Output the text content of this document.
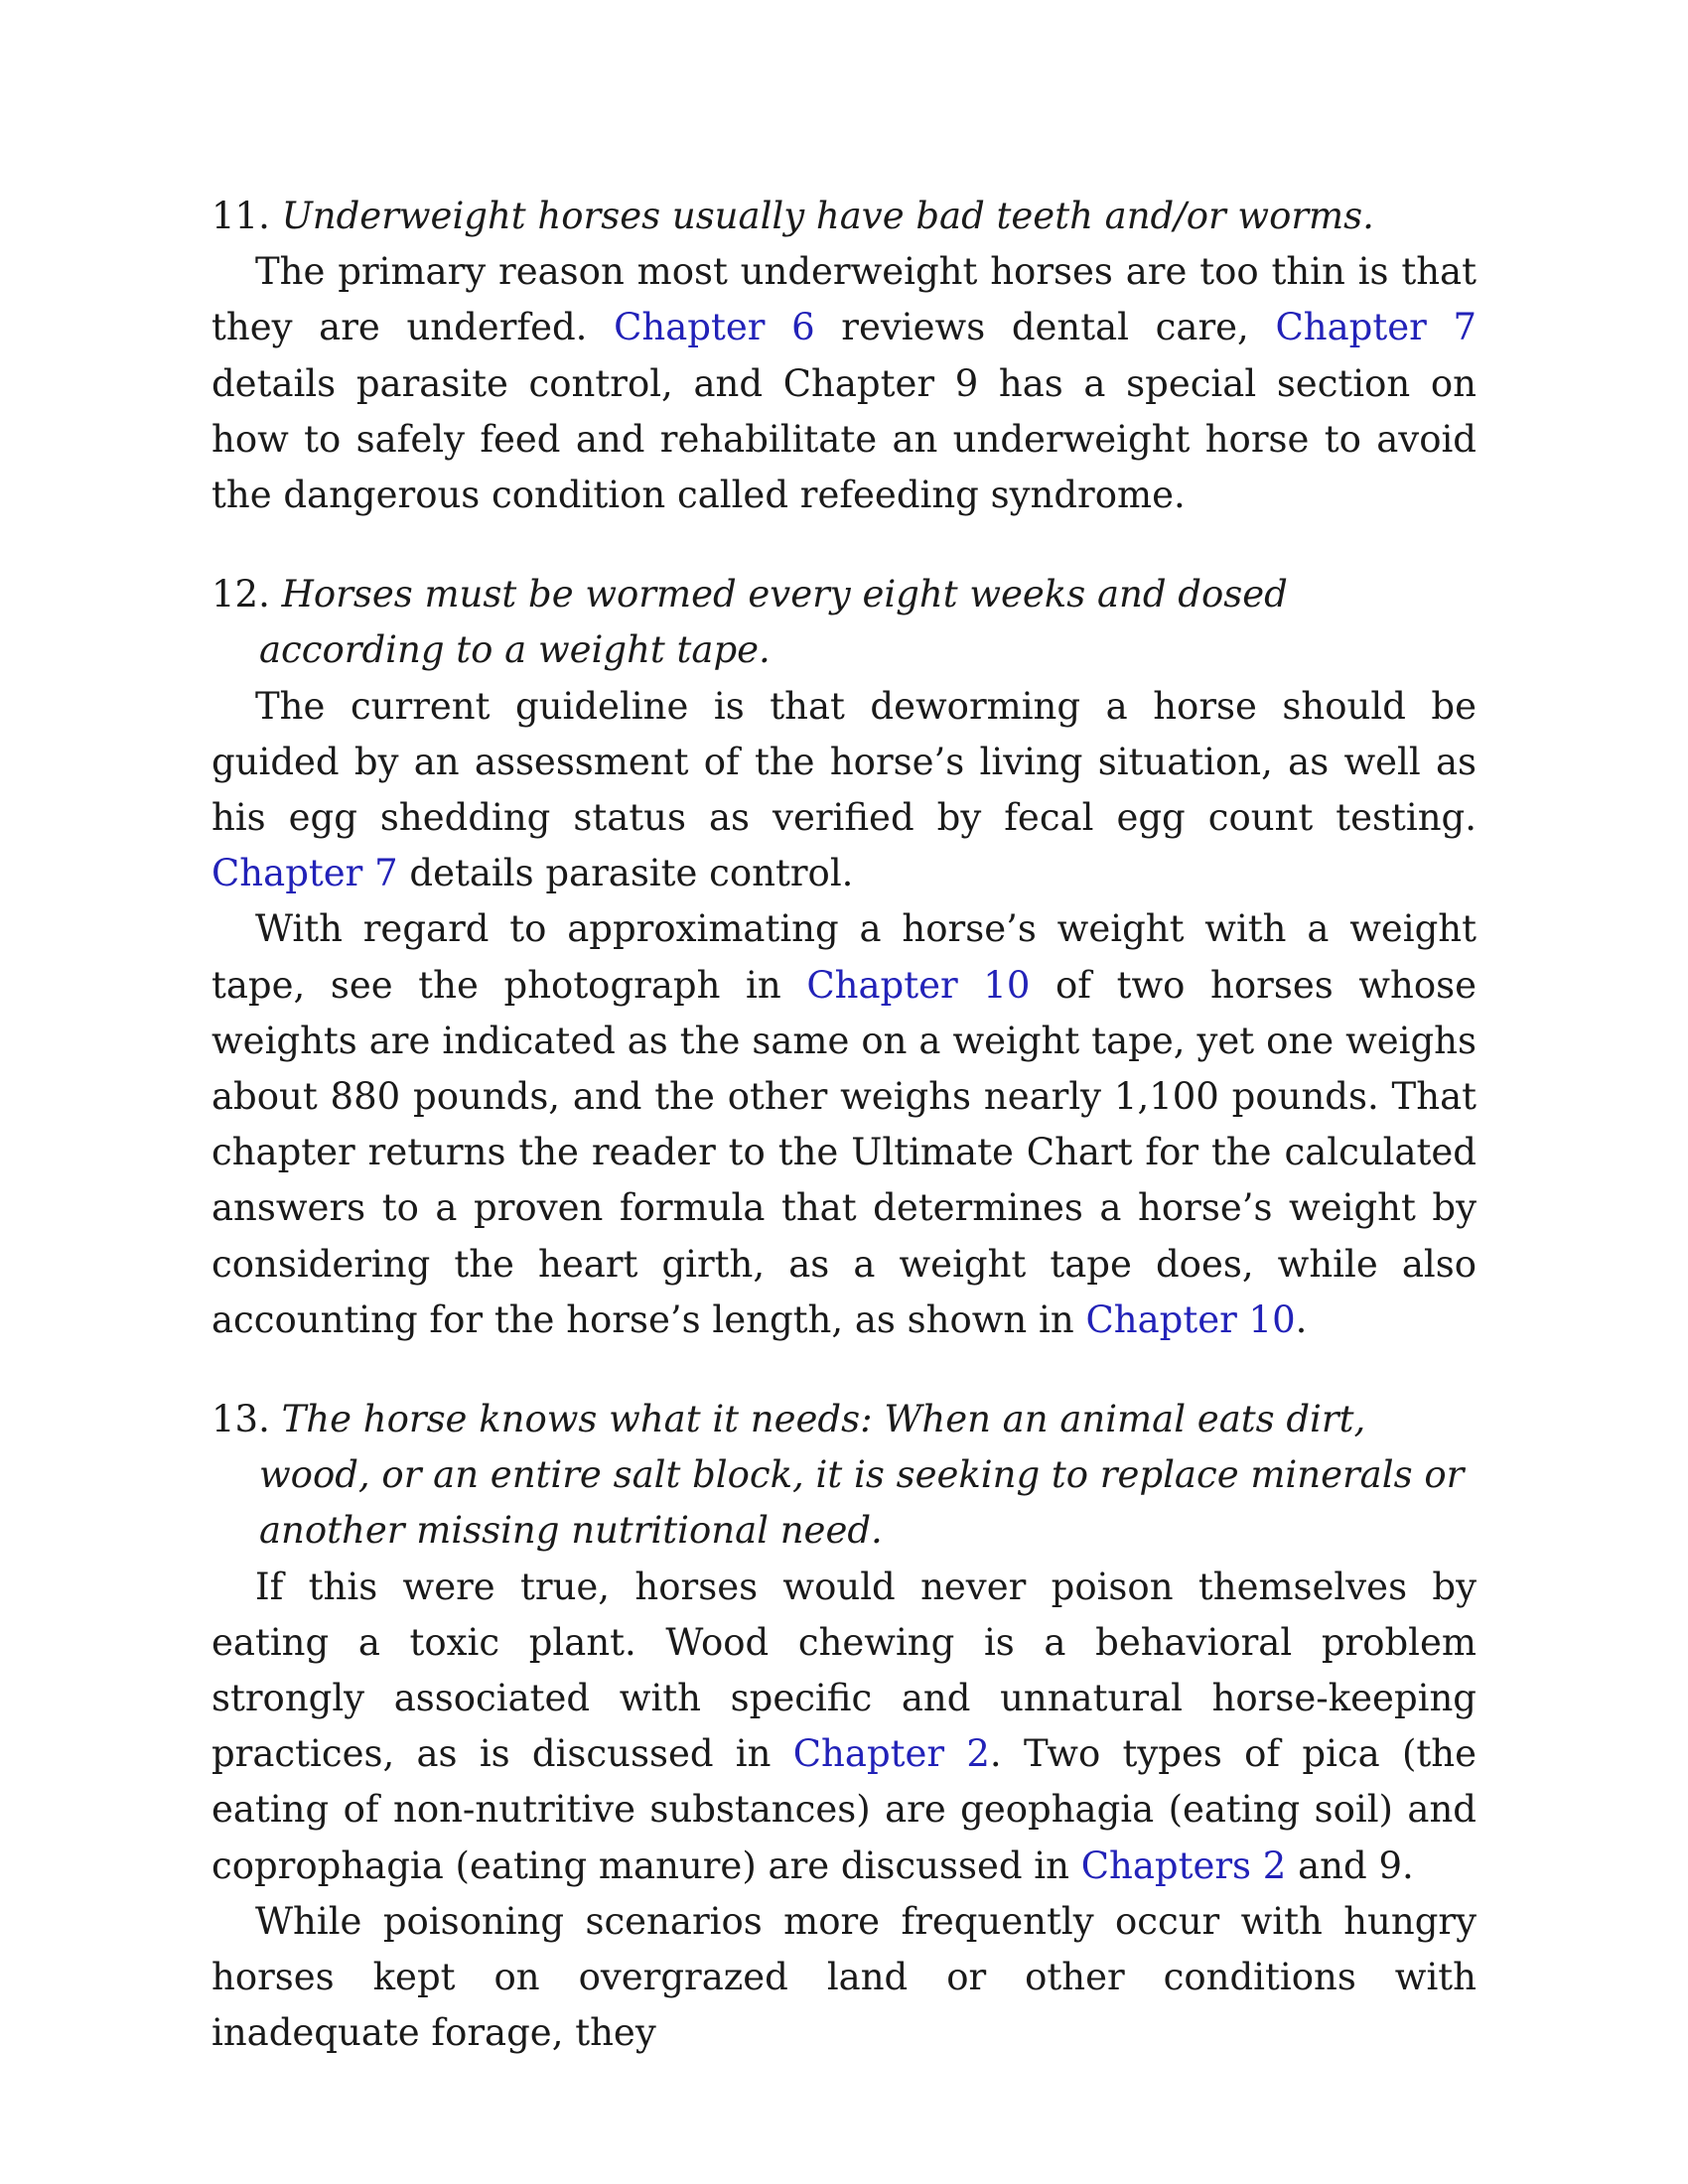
11. Underweight horses usually have bad teeth and/or worms.

The primary reason most underweight horses are too thin is that they are underfed. Chapter 6 reviews dental care, Chapter 7 details parasite control, and Chapter 9 has a special section on how to safely feed and rehabilitate an underweight horse to avoid the dangerous condition called refeeding syndrome.

12. Horses must be wormed every eight weeks and dosed according to a weight tape.

The current guideline is that deworming a horse should be guided by an assessment of the horse’s living situation, as well as his egg shedding status as verified by fecal egg count testing. Chapter 7 details parasite control.

With regard to approximating a horse’s weight with a weight tape, see the photograph in Chapter 10 of two horses whose weights are indicated as the same on a weight tape, yet one weighs about 880 pounds, and the other weighs nearly 1,100 pounds. That chapter returns the reader to the Ultimate Chart for the calculated answers to a proven formula that determines a horse’s weight by considering the heart girth, as a weight tape does, while also accounting for the horse’s length, as shown in Chapter 10.

13. The horse knows what it needs: When an animal eats dirt, wood, or an entire salt block, it is seeking to replace minerals or another missing nutritional need.

If this were true, horses would never poison themselves by eating a toxic plant. Wood chewing is a behavioral problem strongly associated with specific and unnatural horse-keeping practices, as is discussed in Chapter 2. Two types of pica (the eating of non-nutritive substances) are geophagia (eating soil) and coprophagia (eating manure) are discussed in Chapters 2 and 9.

While poisoning scenarios more frequently occur with hungry horses kept on overgrazed land or other conditions with inadequate forage, they
